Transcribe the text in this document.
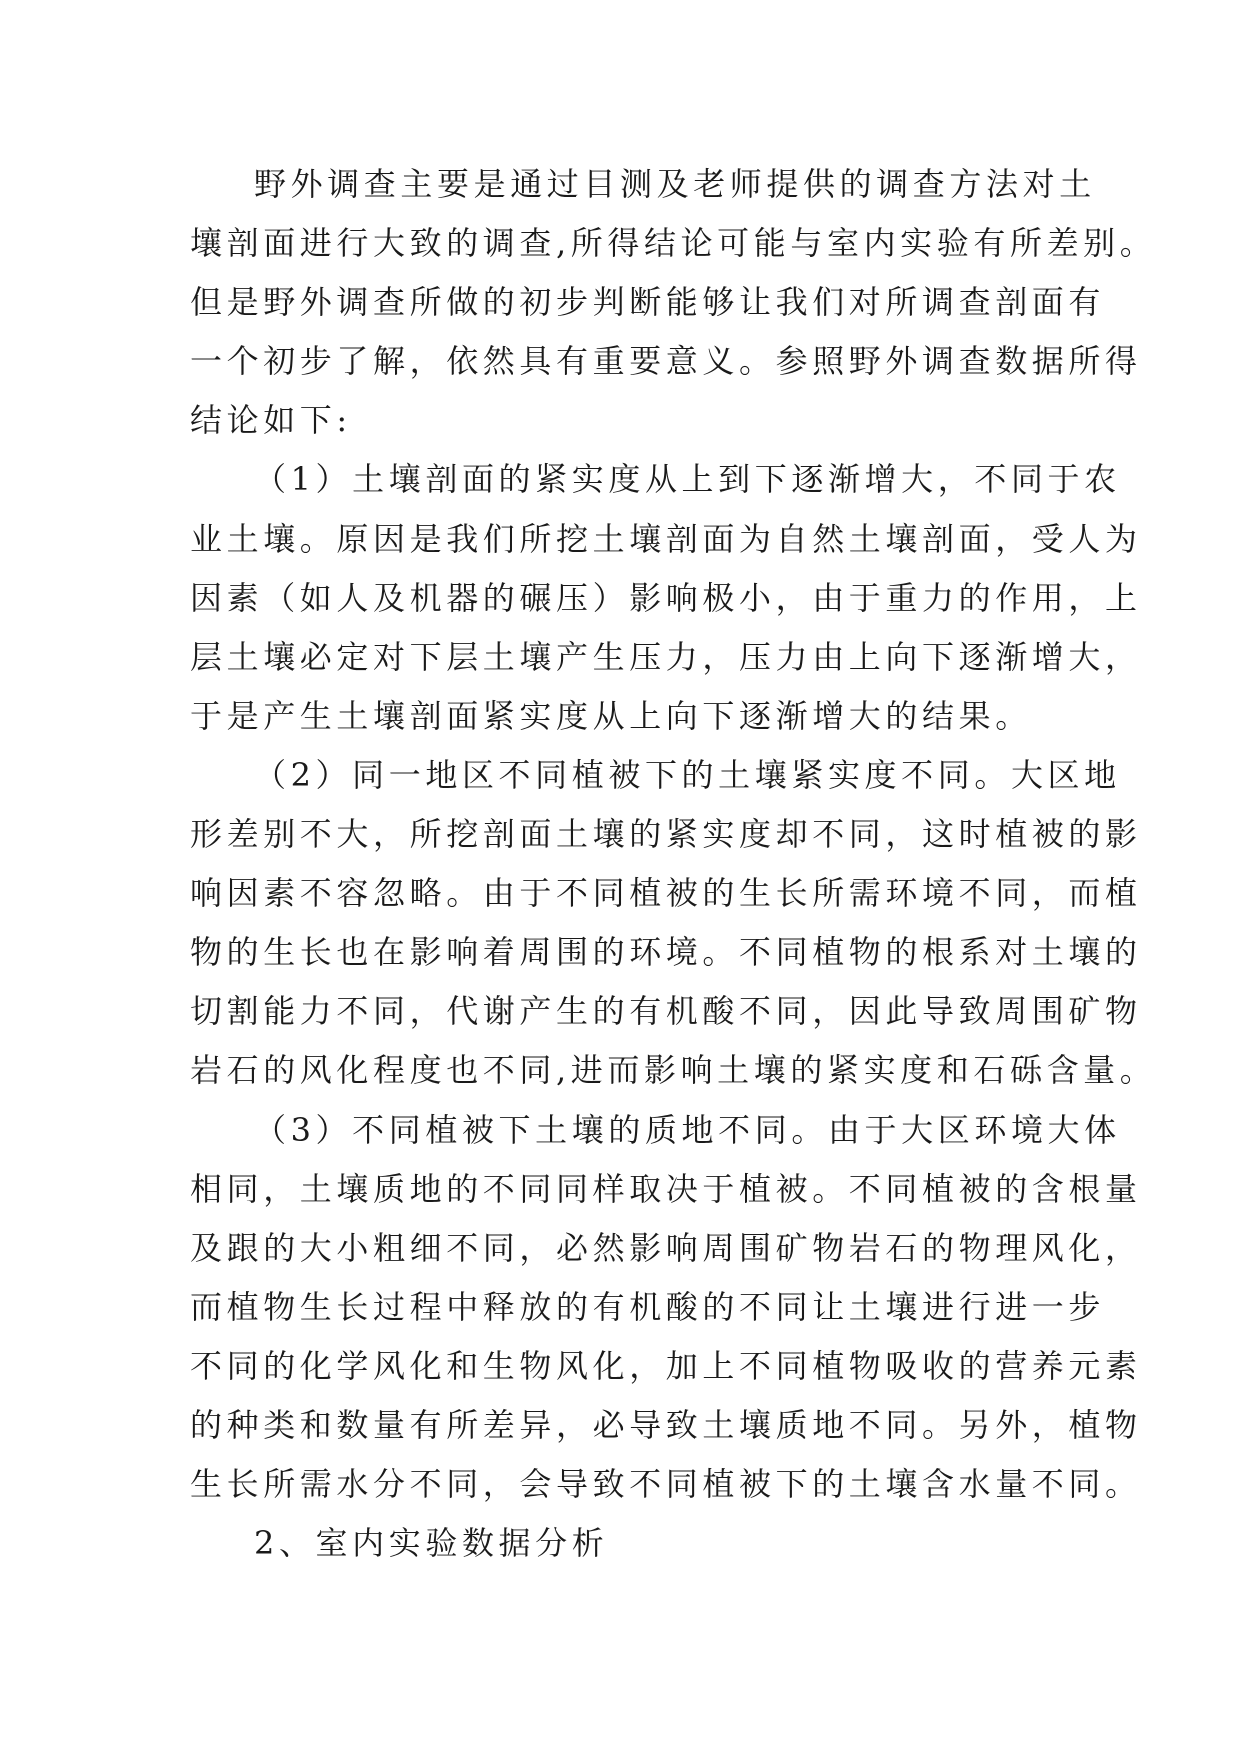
野外调查主要是通过目测及老师提供的调查方法对土
壤剖面进行大致的调查,所得结论可能与室内实验有所差别。
但是野外调查所做的初步判断能够让我们对所调查剖面有
一个初步了解，依然具有重要意义。参照野外调查数据所得
结论如下:
（1）土壤剖面的紧实度从上到下逐渐增大，不同于农
业土壤。原因是我们所挖土壤剖面为自然土壤剖面，受人为
因素（如人及机器的碾压）影响极小，由于重力的作用，上
层土壤必定对下层土壤产生压力，压力由上向下逐渐增大，
于是产生土壤剖面紧实度从上向下逐渐增大的结果。
（2）同一地区不同植被下的土壤紧实度不同。大区地
形差别不大，所挖剖面土壤的紧实度却不同，这时植被的影
响因素不容忽略。由于不同植被的生长所需环境不同，而植
物的生长也在影响着周围的环境。不同植物的根系对土壤的
切割能力不同，代谢产生的有机酸不同，因此导致周围矿物
岩石的风化程度也不同,进而影响土壤的紧实度和石砾含量。
（3）不同植被下土壤的质地不同。由于大区环境大体
相同，土壤质地的不同同样取决于植被。不同植被的含根量
及跟的大小粗细不同，必然影响周围矿物岩石的物理风化，
而植物生长过程中释放的有机酸的不同让土壤进行进一步
不同的化学风化和生物风化，加上不同植物吸收的营养元素
的种类和数量有所差异，必导致土壤质地不同。另外，植物
生长所需水分不同，会导致不同植被下的土壤含水量不同。
2、室内实验数据分析
